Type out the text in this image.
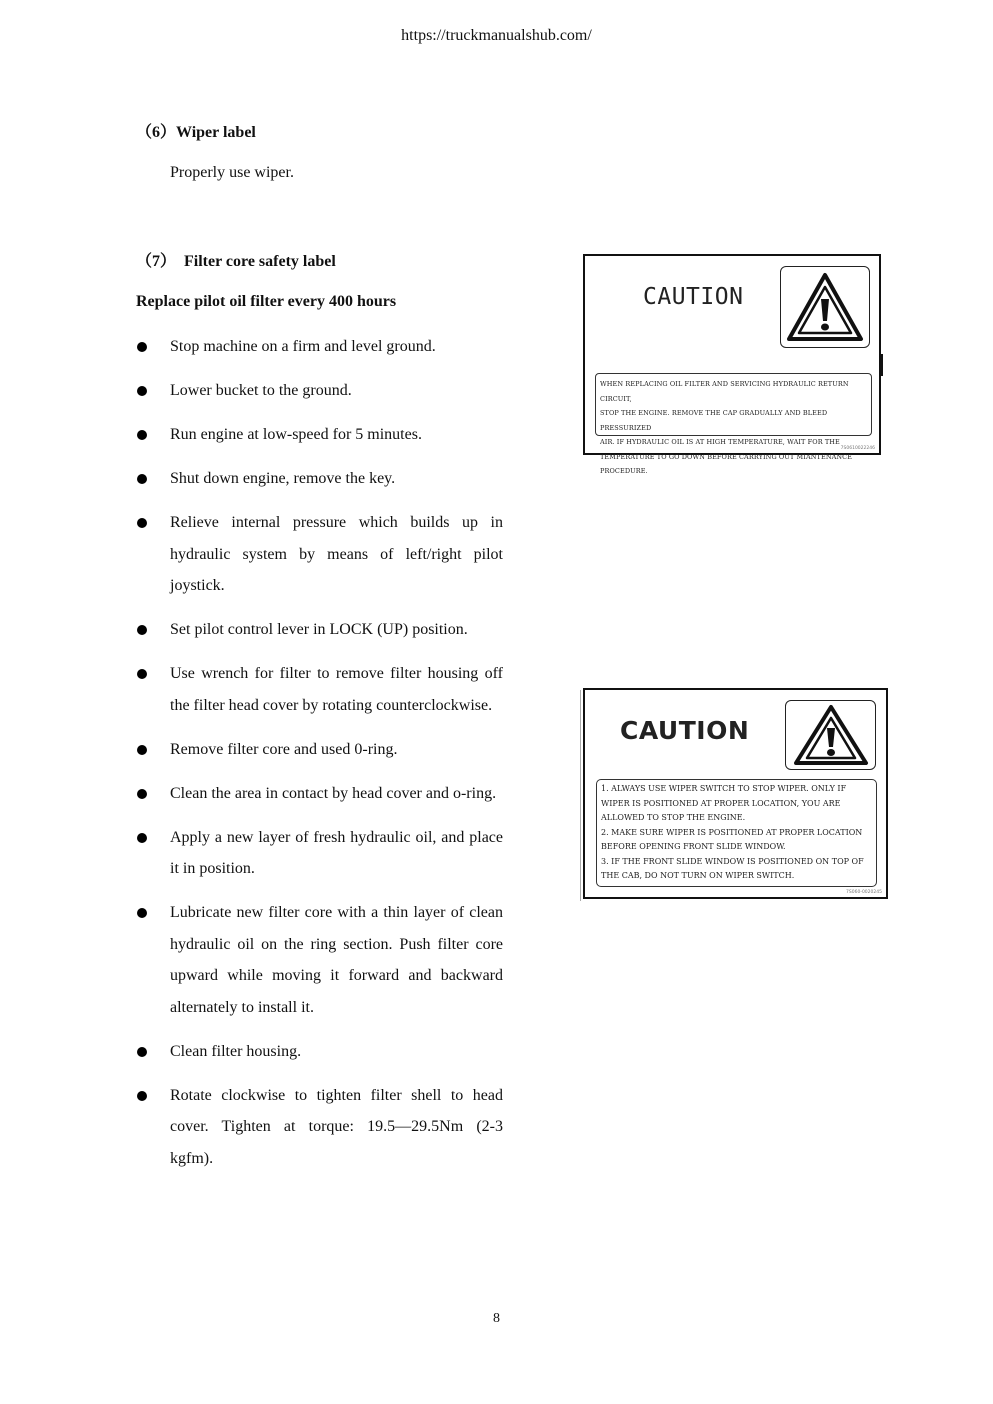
https://truckmanualshub.com/
（6）Wiper label
Properly use wiper.
（7）  Filter core safety label
Replace pilot oil filter every 400 hours
Stop machine on a firm and level ground.
Lower bucket to the ground.
Run engine at low-speed for 5 minutes.
Shut down engine, remove the key.
Relieve internal pressure which builds up in hydraulic system by means of left/right pilot joystick.
Set pilot control lever in LOCK (UP) position.
Use wrench for filter to remove filter housing off the filter head cover by rotating counterclockwise.
Remove filter core and used 0-ring.
Clean the area in contact by head cover and o-ring.
Apply a new layer of fresh hydraulic oil, and place it in position.
Lubricate new filter core with a thin layer of clean hydraulic oil on the ring section. Push filter core upward while moving it forward and backward alternately to install it.
Clean filter housing.
Rotate clockwise to tighten filter shell to head cover. Tighten at torque: 19.5—29.5Nm (2-3 kgfm).
CAUTION
WHEN REPLACING OIL FILTER AND SERVICING HYDRAULIC RETURN CIRCUIT,
STOP THE ENGINE. REMOVE THE CAP GRADUALLY AND BLEED PRESSURIZED
AIR. IF HYDRAULIC OIL IS AT HIGH TEMPERATURE, WAIT FOR THE
TEMPERATURE TO GO DOWN BEFORE CARRYING OUT MIANTENANCE PROCEDURE.
7S0610022246
CAUTION
1. ALWAYS USE WIPER SWITCH TO STOP WIPER. ONLY IF
WIPER IS POSITIONED AT PROPER LOCATION, YOU ARE
ALLOWED TO STOP THE ENGINE.
2. MAKE SURE WIPER IS POSITIONED AT PROPER LOCATION
BEFORE OPENING FRONT SLIDE WINDOW.
3. IF THE FRONT SLIDE WINDOW IS POSITIONED ON TOP OF
THE CAB, DO NOT TURN ON WIPER SWITCH.
7S060-0020245
8
